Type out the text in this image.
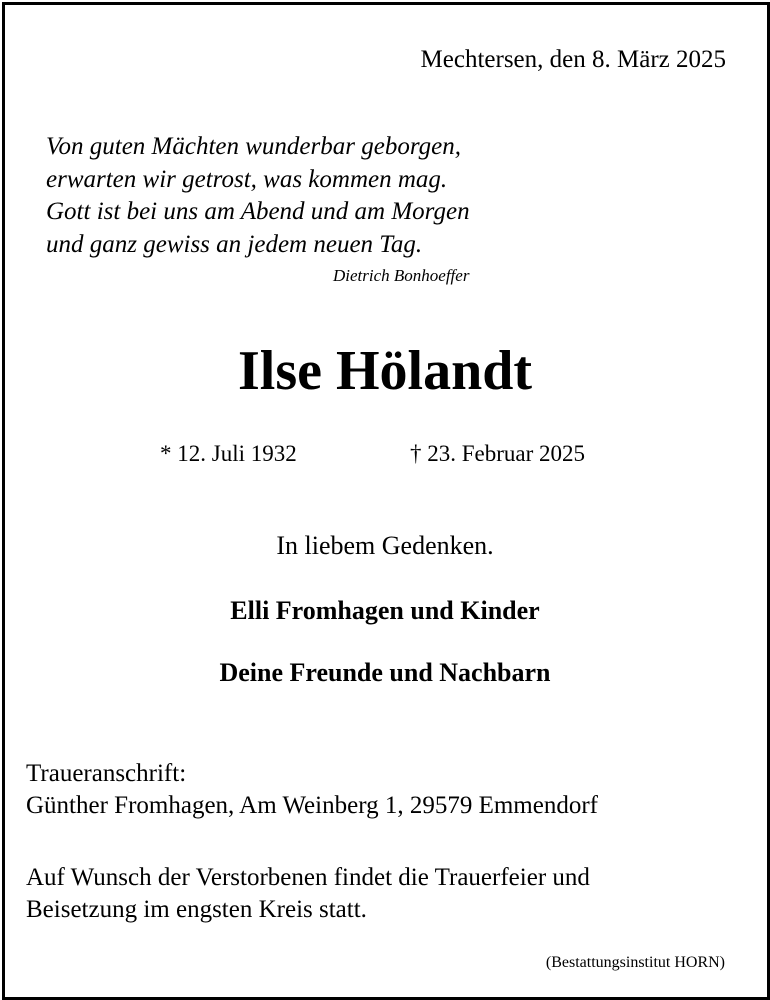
Mechtersen, den 8. März 2025
Von guten Mächten wunderbar geborgen,
erwarten wir getrost, was kommen mag.
Gott ist bei uns am Abend und am Morgen
und ganz gewiss an jedem neuen Tag.
Dietrich Bonhoeffer
Ilse Hölandt
* 12. Juli 1932	† 23. Februar 2025
In liebem Gedenken.
Elli Fromhagen und Kinder
Deine Freunde und Nachbarn
Traueranschrift:
Günther Fromhagen, Am Weinberg 1, 29579 Emmendorf
Auf Wunsch der Verstorbenen findet die Trauerfeier und
Beisetzung im engsten Kreis statt.
(Bestattungsinstitut HORN)
